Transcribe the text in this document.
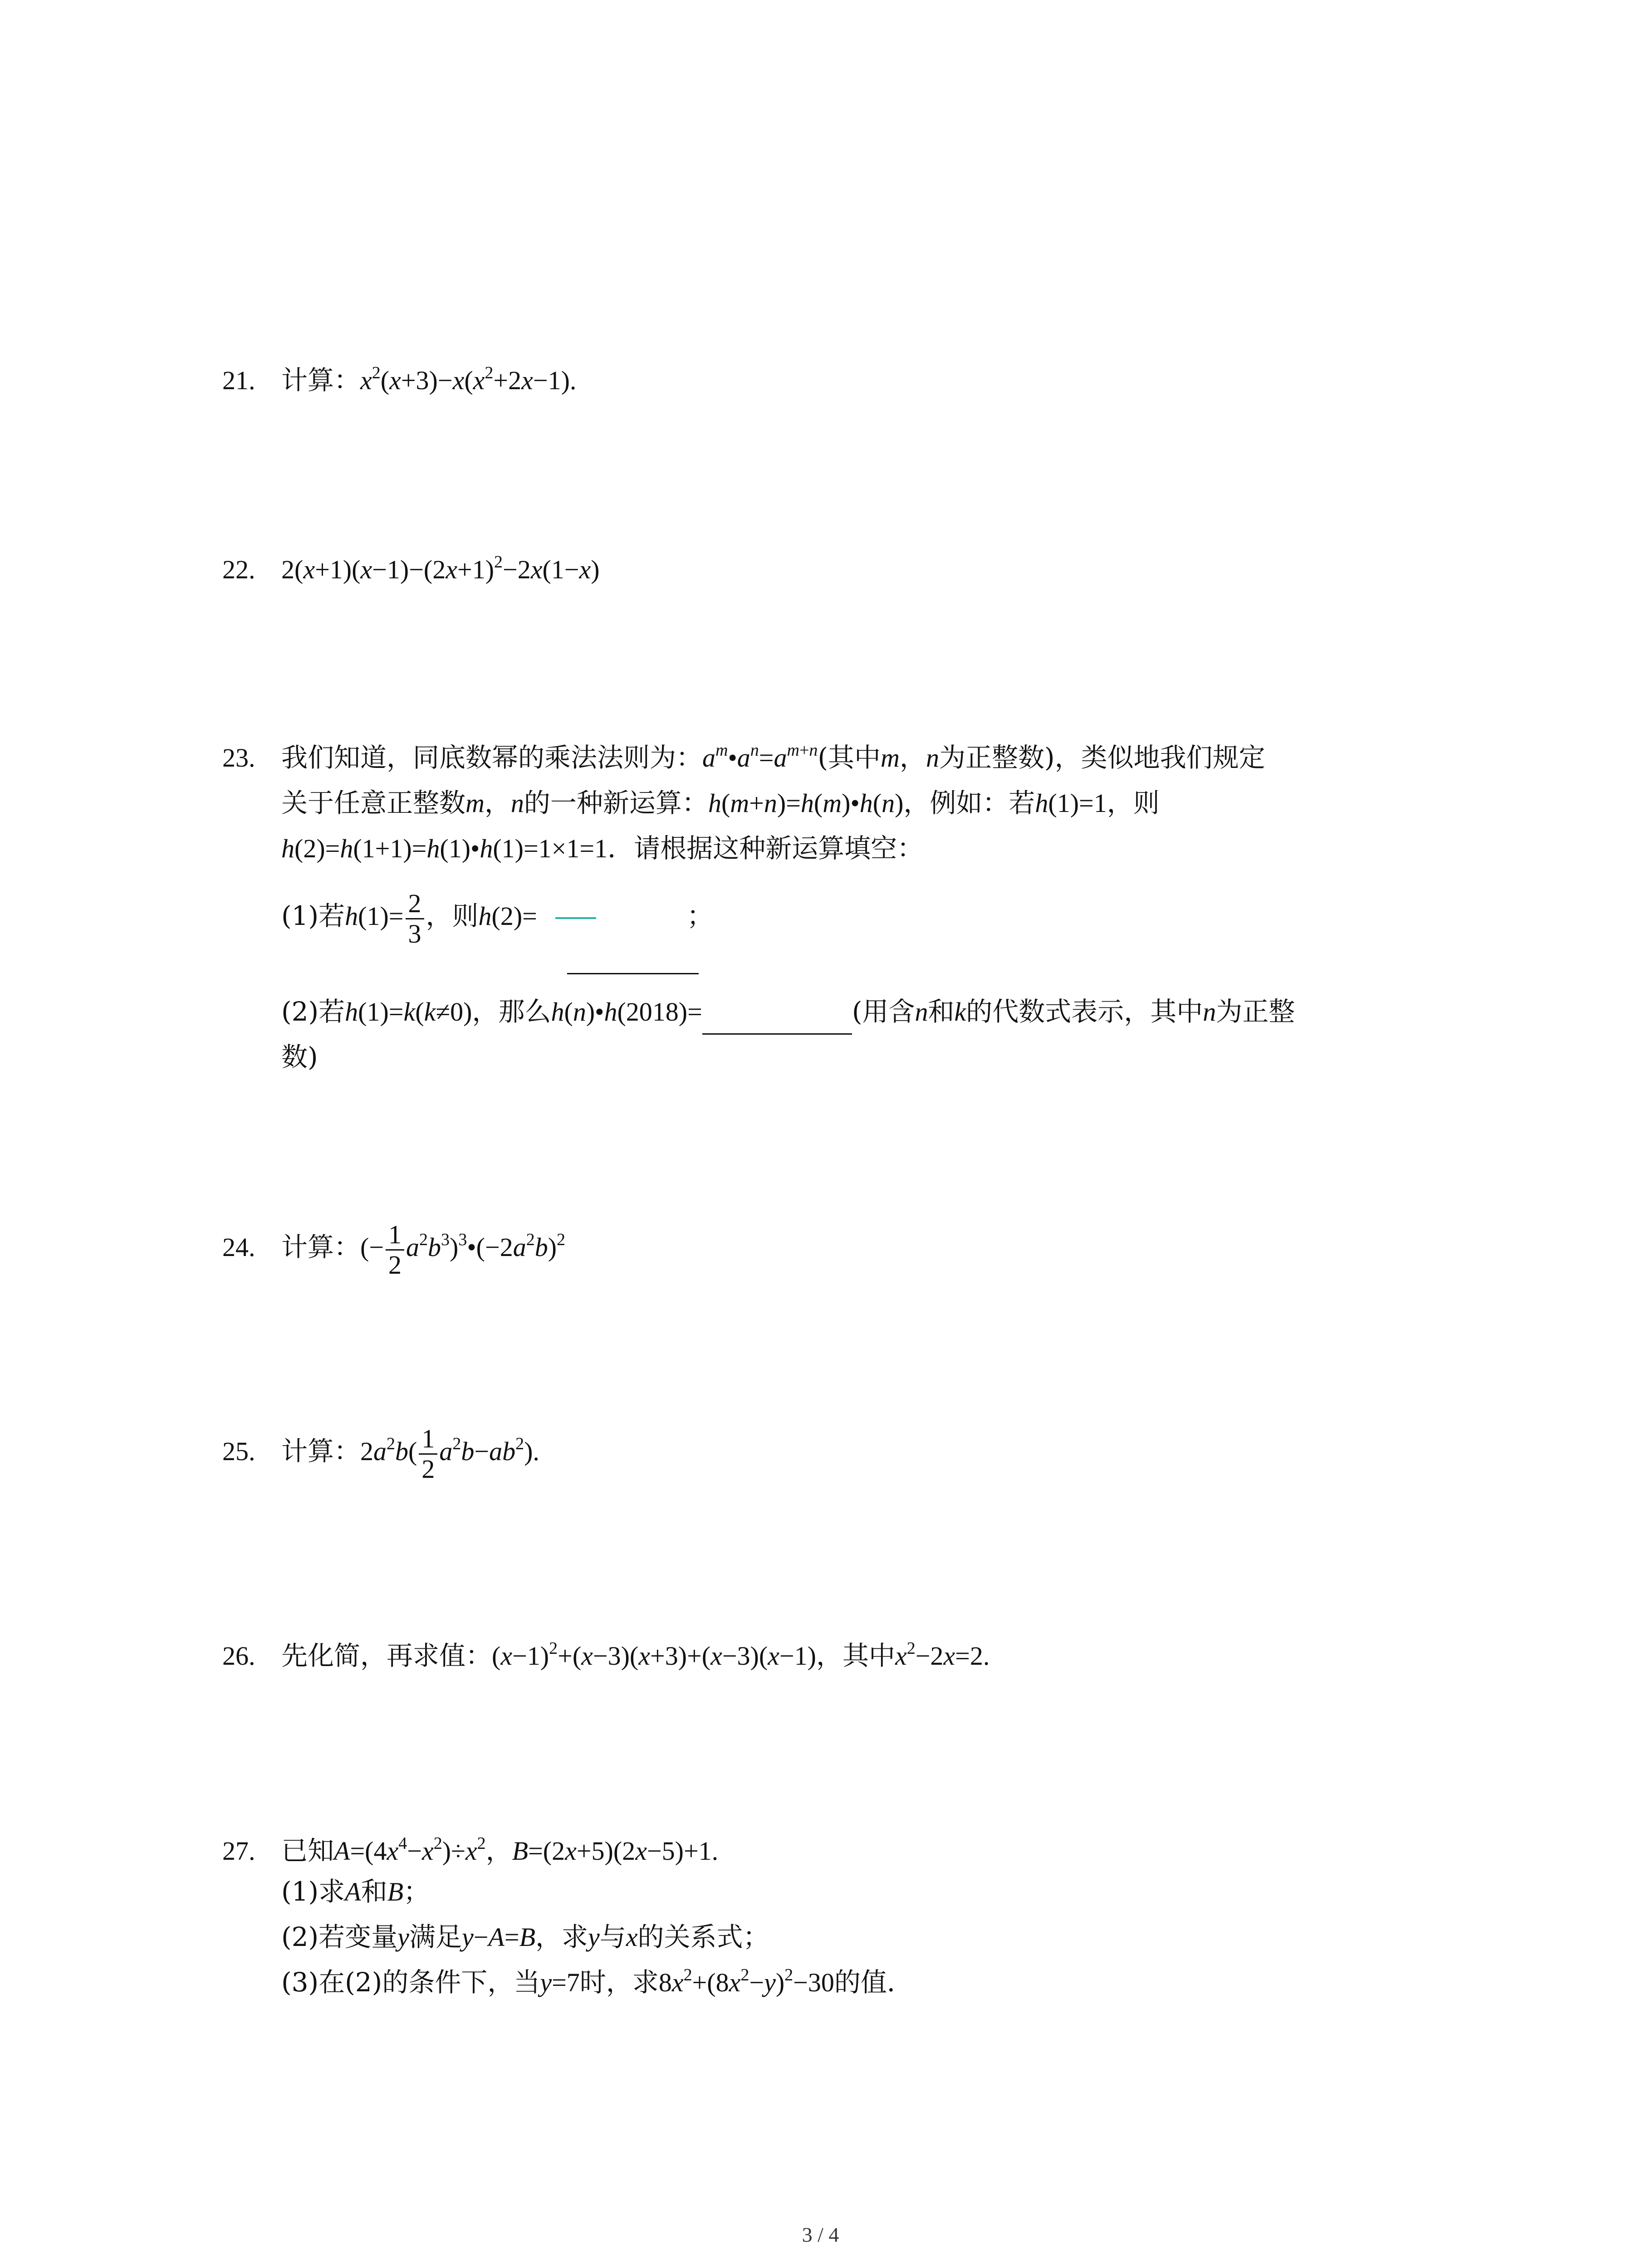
21. 计算：$x^2(x+3)-x(x^2+2x-1)$.
22. $2(x+1)(x-1)-(2x+1)^2-2x(1-x)$
23. 我们知道，同底数幂的乘法法则为：$a^m•a^n=a^{m+n}$(其中m，n为正整数)，类似地我们规定
关于任意正整数m，n的一种新运算：h(m+n)=h(m)•h(n)，例如：若h(1)=1，则
h(2)=h(1+1)=h(1)•h(1)=1×1=1．请根据这种新运算填空：
(1)若$h(1)= \frac{2}{3}$ ，则h(2)=	；
(2)若h(1)=k(k≠0)，那么h(n)•h(2018)=	(用含n和k的代数式表示，其中n为正整
数)
24. 计算：(− $\frac{1}{2}$ $a^2b^3)^3•(-2a^2b)^2$
25. 计算：$2a^2b( \frac{1}{2} a^2b-ab^2)$.
26. 先化简，再求值：$(x-1)^2+(x-3)(x+3)+(x-3)(x-1)$，其中$x^2-2x=2$.
27. 已知$A=(4x^4-x^2)\div x^2$，B=(2x+5)(2x−5)+1.
(1)求A和B；
(2)若变量y满足y−A=B，求y与x的关系式；
(3)在(2)的条件下，当y=7时，求$8x^2+(8x^2-y)^2-30$的值．
3 / 4
